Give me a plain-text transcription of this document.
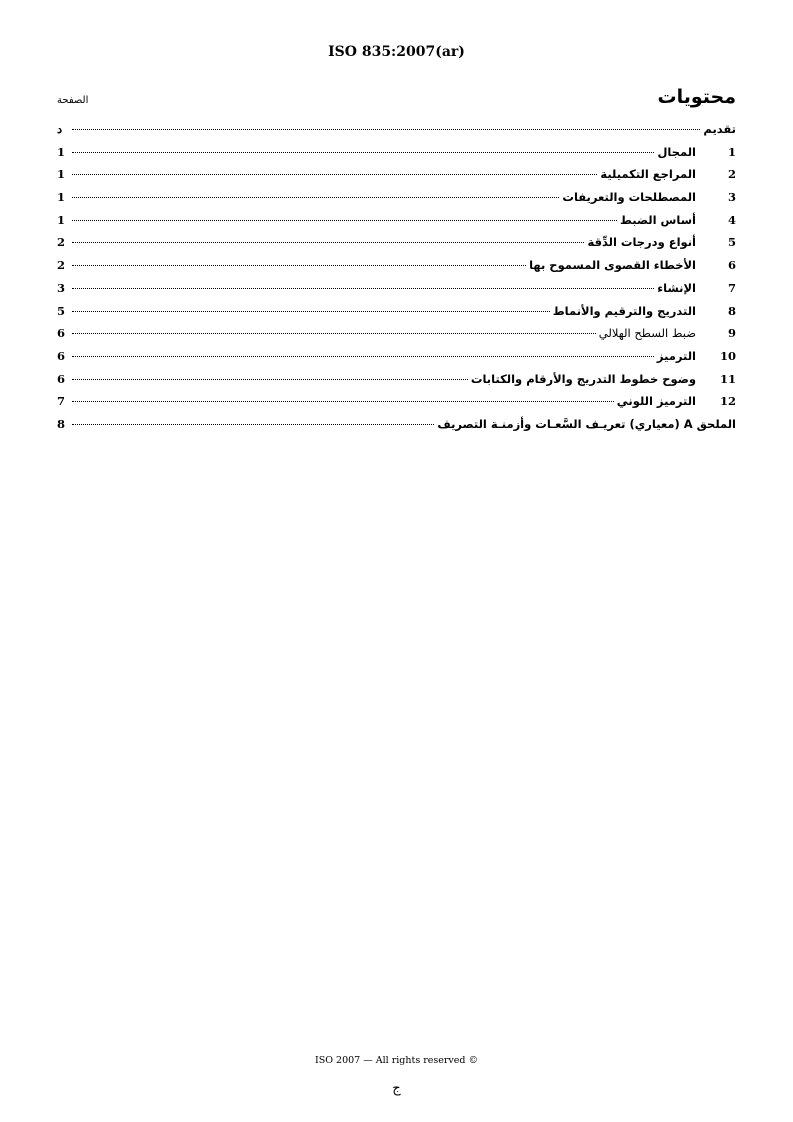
ISO 835:2007(ar)
محتويات
الصفحة
تقديم
د
1
المجال
1
2
المراجع التكميلية
1
3
المصطلحات والتعريفات
1
4
أساس الضبط
1
5
أنواع ودرجات الدِّقة
2
6
الأخطاء القصوى المسموح بها
2
7
الإنشاء
3
8
التدريج والترقيم والأنماط
5
9
ضبط السطح الهلالي
6
10
الترميز
6
11
وضوح خطوط التدريج والأرقام والكتابات
6
12
الترميز اللوني
7
الملحق A (معياري) تعريـف السَّعـات وأزمنـة التصريف
8
ISO 2007 — All rights reserved ©
ج
